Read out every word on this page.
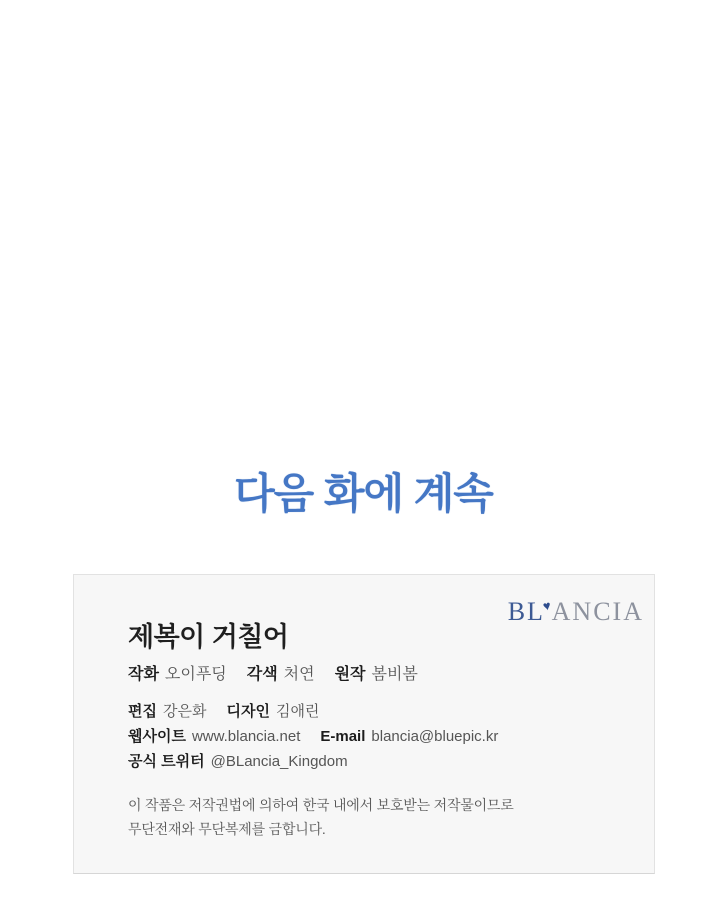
다음 화에 계속
BL♥ANCIA
제복이 거칠어
작화 오이푸딩 각색 처연 원작 봄비봄
편집 강은화 디자인 김애린
웹사이트 www.blancia.net E-mail blancia@bluepic.kr
공식 트위터 @BLancia_Kingdom
이 작품은 저작권법에 의하여 한국 내에서 보호받는 저작물이므로
무단전재와 무단복제를 금합니다.
